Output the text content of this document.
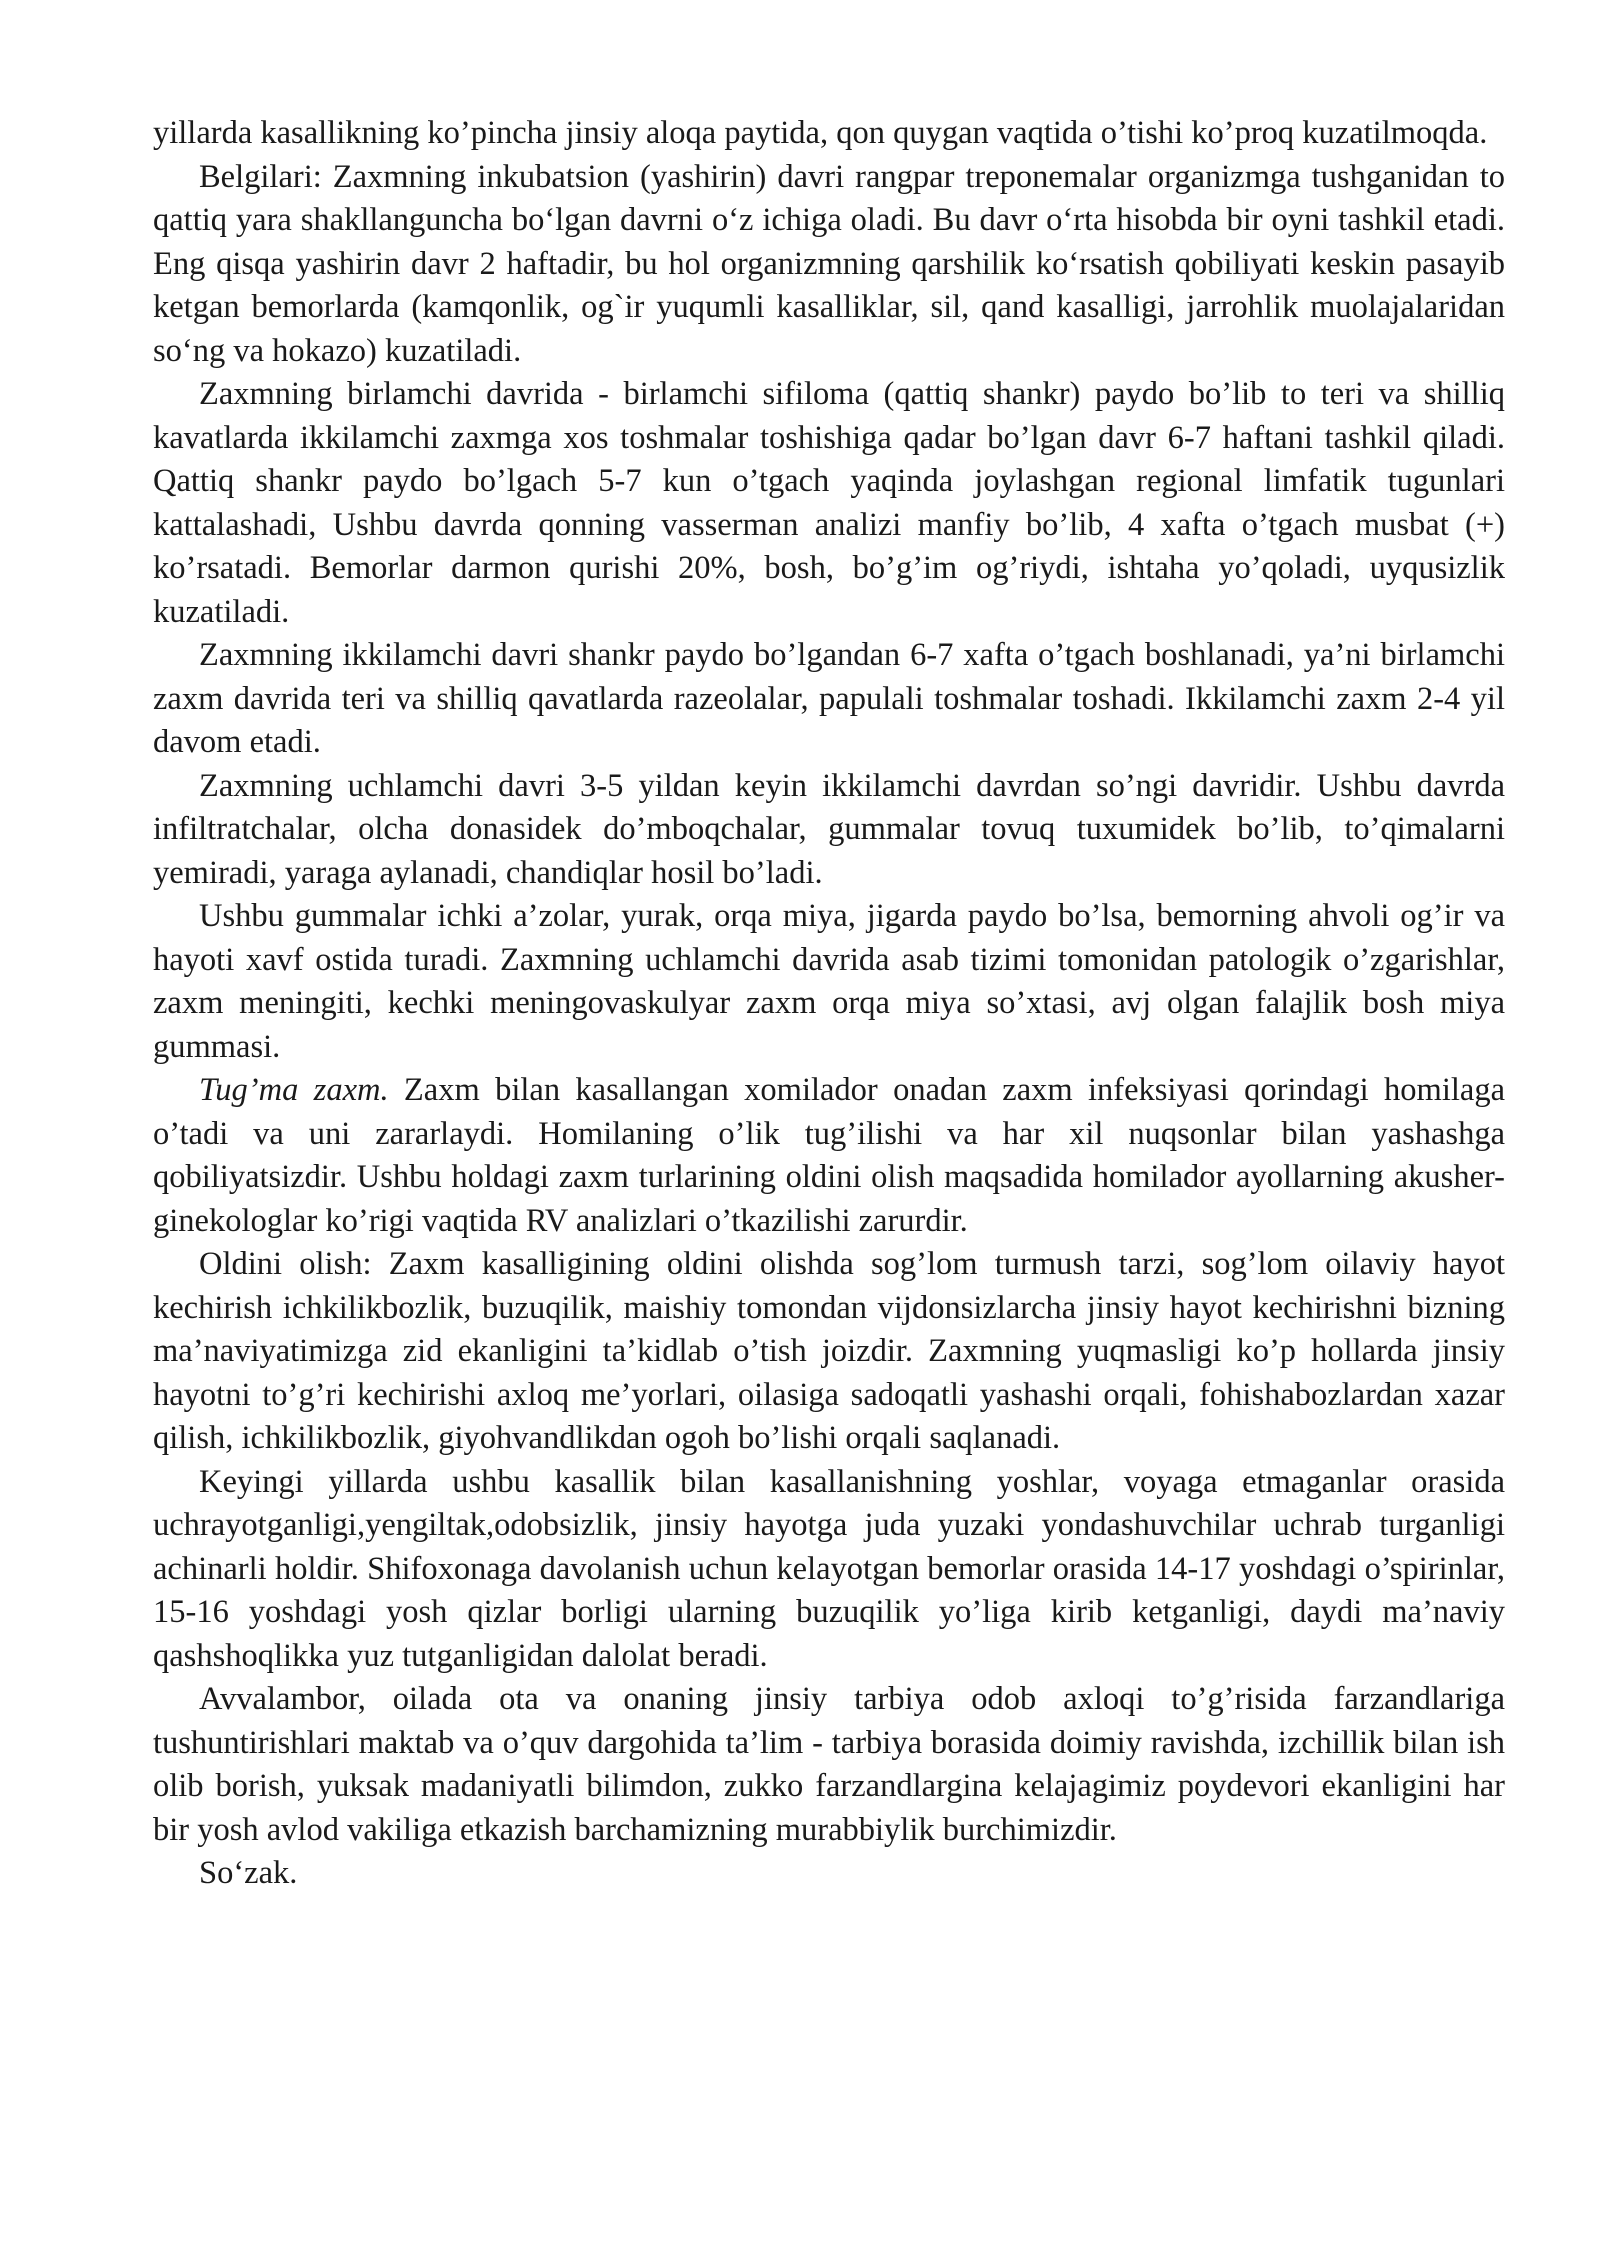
yillarda kasallikning ko’pincha jinsiy aloqa paytida, qon quygan vaqtida o’tishi ko’proq kuzatilmoqda.

Belgilari: Zaxmning inkubatsion (yashirin) davri rangpar treponemalar organizmga tushganidan to qattiq yara shakllanguncha bo‘lgan davrni o‘z ichiga oladi. Bu davr o‘rta hisobda bir oyni tashkil etadi. Eng qisqa yashirin davr 2 haftadir, bu hol organizmning qarshilik ko‘rsatish qobiliyati keskin pasayib ketgan bemorlarda (kamqonlik, og`ir yuqumli kasalliklar, sil, qand kasalligi, jarrohlik muolajalaridan so‘ng va hokazo) kuzatiladi.

Zaxmning birlamchi davrida - birlamchi sifiloma (qattiq shankr) paydo bo’lib to teri va shilliq kavatlarda ikkilamchi zaxmga xos toshmalar toshishiga qadar bo’lgan davr 6-7 haftani tashkil qiladi. Qattiq shankr paydo bo’lgach 5-7 kun o’tgach yaqinda joylashgan regional limfatik tugunlari kattalashadi, Ushbu davrda qonning vasserman analizi manfiy bo’lib, 4 xafta o’tgach musbat (+) ko’rsatadi. Bemorlar darmon qurishi 20%, bosh, bo’g’im og’riydi, ishtaha yo’qoladi, uyqusizlik kuzatiladi.

Zaxmning ikkilamchi davri shankr paydo bo’lgandan 6-7 xafta o’tgach boshlanadi, ya’ni birlamchi zaxm davrida teri va shilliq qavatlarda razeolalar, papulali toshmalar toshadi. Ikkilamchi zaxm 2-4 yil davom etadi.

Zaxmning uchlamchi davri 3-5 yildan keyin ikkilamchi davrdan so’ngi davridir. Ushbu davrda infiltratchalar, olcha donasidek do’mboqchalar, gummalar tovuq tuxumidek bo’lib, to’qimalarni yemiradi, yaraga aylanadi, chandiqlar hosil bo’ladi.

Ushbu gummalar ichki a’zolar, yurak, orqa miya, jigarda paydo bo’lsa, bemorning ahvoli og’ir va hayoti xavf ostida turadi. Zaxmning uchlamchi davrida asab tizimi tomonidan patologik o’zgarishlar, zaxm meningiti, kechki meningovaskulyar zaxm orqa miya so’xtasi, avj olgan falajlik bosh miya gummasi.

Tug’ma zaxm. Zaxm bilan kasallangan xomilador onadan zaxm infeksiyasi qorindagi homilaga o’tadi va uni zararlaydi. Homilaning o’lik tug’ilishi va har xil nuqsonlar bilan yashashga qobiliyatsizdir. Ushbu holdagi zaxm turlarining oldini olish maqsadida homilador ayollarning akusher-ginekologlar ko’rigi vaqtida RV analizlari o’tkazilishi zarurdir.

Oldini olish: Zaxm kasalligining oldini olishda sog’lom turmush tarzi, sog’lom oilaviy hayot kechirish ichkilikbozlik, buzuqilik, maishiy tomondan vijdonsizlarcha jinsiy hayot kechirishni bizning ma’naviyatimizga zid ekanligini ta’kidlab o’tish joizdir. Zaxmning yuqmasligi ko’p hollarda jinsiy hayotni to’g’ri kechirishi axloq me’yorlari, oilasiga sadoqatli yashashi orqali, fohishabozlardan xazar qilish, ichkilikbozlik, giyohvandlikdan ogoh bo’lishi orqali saqlanadi.

Keyingi yillarda ushbu kasallik bilan kasallanishning yoshlar, voyaga etmaganlar orasida uchrayotganligi,yengiltak,odobsizlik, jinsiy hayotga juda yuzaki yondashuvchilar uchrab turganligi achinarli holdir. Shifoxonaga davolanish uchun kelayotgan bemorlar orasida 14-17 yoshdagi o’spirinlar, 15-16 yoshdagi yosh qizlar borligi ularning buzuqilik yo’liga kirib ketganligi, daydi ma’naviy qashshoqlikka yuz tutganligidan dalolat beradi.

Avvalambor, oilada ota va onaning jinsiy tarbiya odob axloqi to’g’risida farzandlariga tushuntirishlari maktab va o’quv dargohida ta’lim - tarbiya borasida doimiy ravishda, izchillik bilan ish olib borish, yuksak madaniyatli bilimdon, zukko farzandlargina kelajagimiz poydevori ekanligini har bir yosh avlod vakiliga etkazish barchamizning murabbiylik burchimizdir.

So‘zak.
